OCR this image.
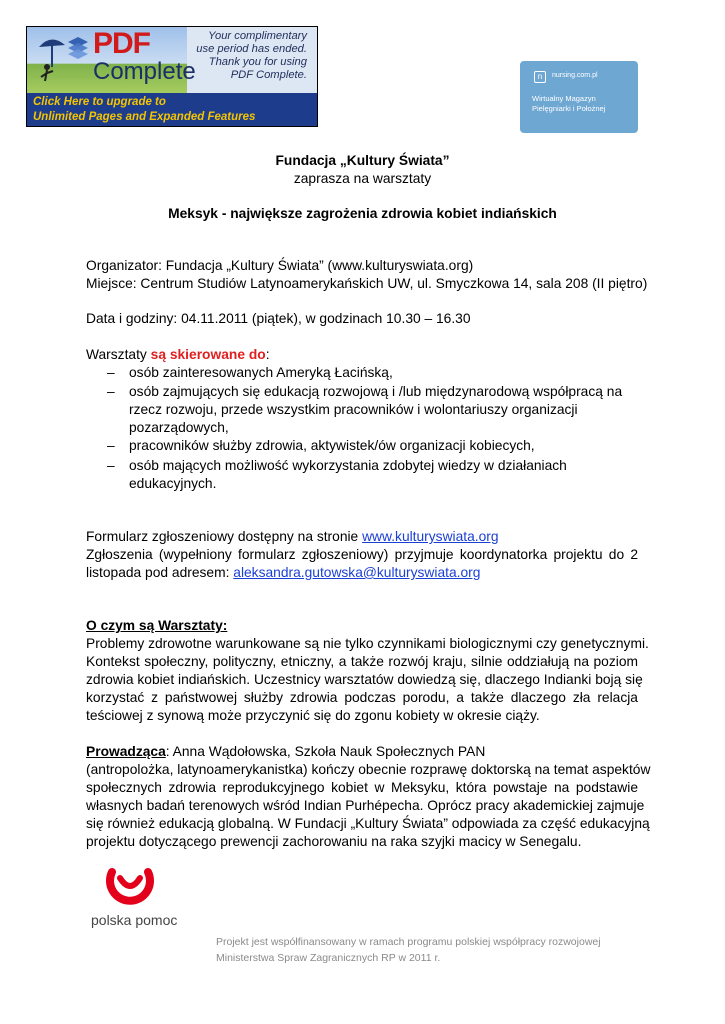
PDF
Complete
Your complimentary
use period has ended.
Thank you for using
PDF Complete.
Click Here to upgrade to
Unlimited Pages and Expanded Features
n	nursing.com.pl
Wirtualny Magazyn
Pielęgniarki i Położnej
Fundacja „Kultury Świata”
zaprasza na warsztaty
Meksyk - największe zagrożenia zdrowia kobiet indiańskich
Organizator: Fundacja „Kultury Świata” (www.kulturyswiata.org)
Miejsce: Centrum Studiów Latynoamerykańskich UW, ul. Smyczkowa 14, sala 208 (II piętro)
Data i godziny: 04.11.2011 (piątek), w godzinach 10.30 – 16.30
Warsztaty są skierowane do:
– osób zainteresowanych Ameryką Łacińską,
– osób zajmujących się edukacją rozwojową i /lub międzynarodową współpracą na
rzecz rozwoju, przede wszystkim pracowników i wolontariuszy organizacji
pozarządowych,
– pracowników służby zdrowia, aktywistek/ów organizacji kobiecych,
– osób mających możliwość wykorzystania zdobytej wiedzy w działaniach
edukacyjnych.
Formularz zgłoszeniowy dostępny na stronie www.kulturyswiata.org
Zgłoszenia (wypełniony formularz zgłoszeniowy) przyjmuje koordynatorka projektu do 2
listopada pod adresem: aleksandra.gutowska@kulturyswiata.org
O czym są Warsztaty:
Problemy zdrowotne warunkowane są nie tylko czynnikami biologicznymi czy genetycznymi.
Kontekst społeczny, polityczny, etniczny, a także rozwój kraju, silnie oddziałują na poziom
zdrowia kobiet indiańskich. Uczestnicy warsztatów dowiedzą się, dlaczego Indianki boją się
korzystać z państwowej służby zdrowia podczas porodu, a także dlaczego zła relacja
teściowej z synową może przyczynić się do zgonu kobiety w okresie ciąży.
Prowadząca: Anna Wądołowska, Szkoła Nauk Społecznych PAN
(antropolożka, latynoamerykanistka) kończy obecnie rozprawę doktorską na temat aspektów
społecznych zdrowia reprodukcyjnego kobiet w Meksyku, która powstaje na podstawie
własnych badań terenowych wśród Indian Purhépecha. Oprócz pracy akademickiej zajmuje
się również edukacją globalną. W Fundacji „Kultury Świata” odpowiada za część edukacyjną
projektu dotyczącego prewencji zachorowaniu na raka szyjki macicy w Senegalu.
polska pomoc
Projekt jest współfinansowany w ramach programu polskiej współpracy rozwojowej
Ministerstwa Spraw Zagranicznych RP w 2011 r.
